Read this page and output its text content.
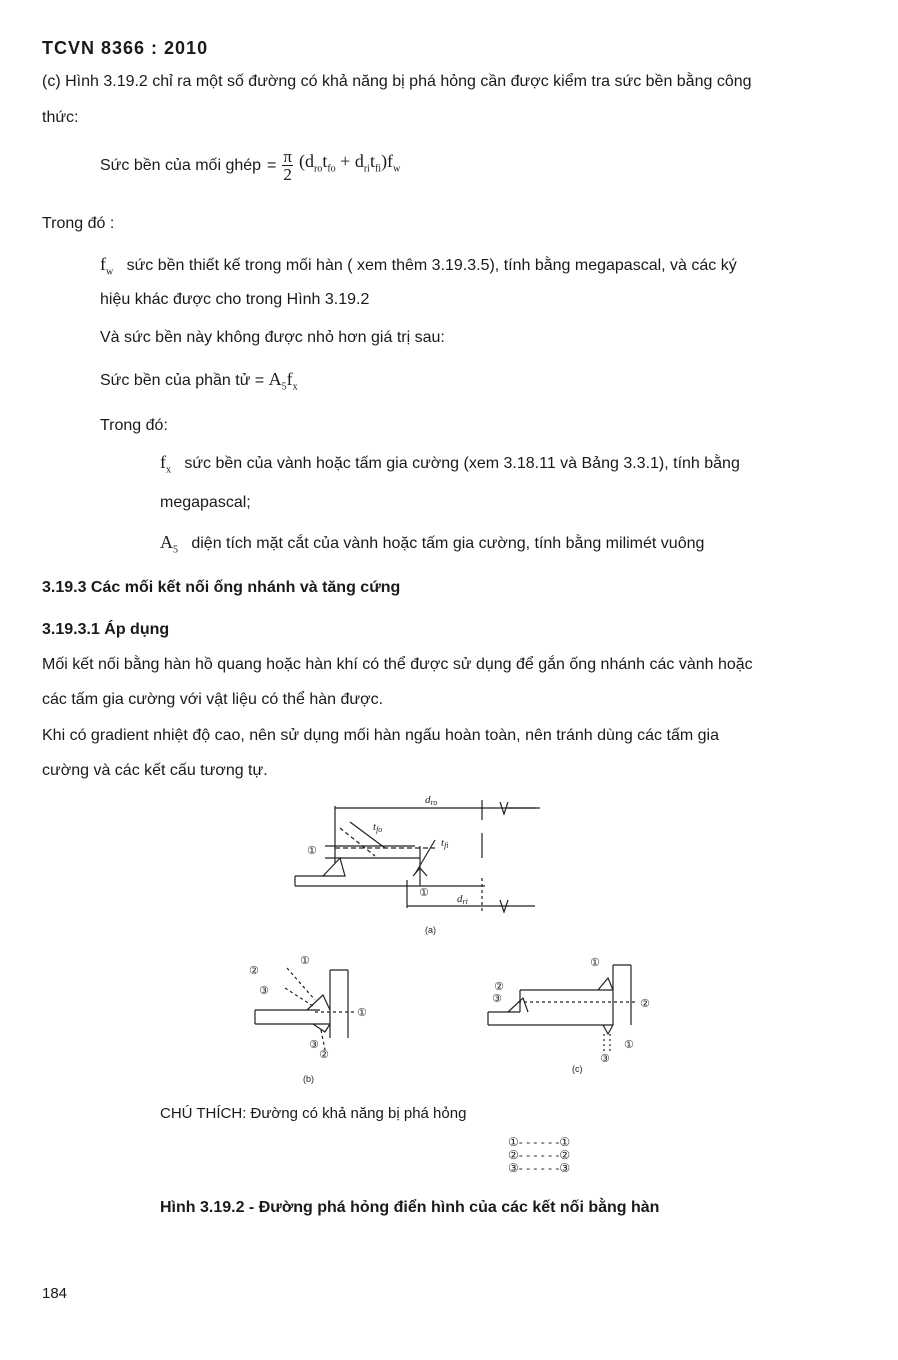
TCVN 8366 : 2010
(c) Hình 3.19.2 chỉ ra một số đường có khả năng bị phá hỏng cần được kiểm tra sức bền bằng công
thức:
Sức bền của mối ghép = $\frac{\pi}{2} (d_{ro}t_{fo} + d_{ri}t_{fi})f_w$
Trong đó :
$f_w$ sức bền thiết kế trong mối hàn ( xem thêm 3.19.3.5), tính bằng megapascal, và các ký
hiệu khác được cho trong Hình 3.19.2
Và sức bền này không được nhỏ hơn giá trị sau:
Sức bền của phần tử = $A_5f_x$
Trong đó:
$f_x$ sức bền của vành hoặc tấm gia cường (xem 3.18.11 và Bảng 3.3.1), tính bằng
megapascal;
$A_5$ diện tích mặt cắt của vành hoặc tấm gia cường, tính bằng milimét vuông
3.19.3 Các mối kết nối ống nhánh và tăng cứng
3.19.3.1 Áp dụng
Mối kết nối bằng hàn hồ quang hoặc hàn khí có thể được sử dụng để gắn ống nhánh các vành hoặc
các tấm gia cường với vật liệu có thể hàn được.
Khi có gradient nhiệt độ cao, nên sử dụng mối hàn ngấu hoàn toàn, nên tránh dùng các tấm gia
cường và các kết cấu tương tự.
dro
tfo
tfi
①
①	dri
(a)
①
②
③
①
③
②
(b)
①
②
③	②
①
③
(c)
CHÚ THÍCH: Đường có khả năng bị phá hỏng
①- - - - - -①
②- - - - - -②
③- - - - - -③
Hình 3.19.2 - Đường phá hỏng điển hình của các kết nối bằng hàn
184
